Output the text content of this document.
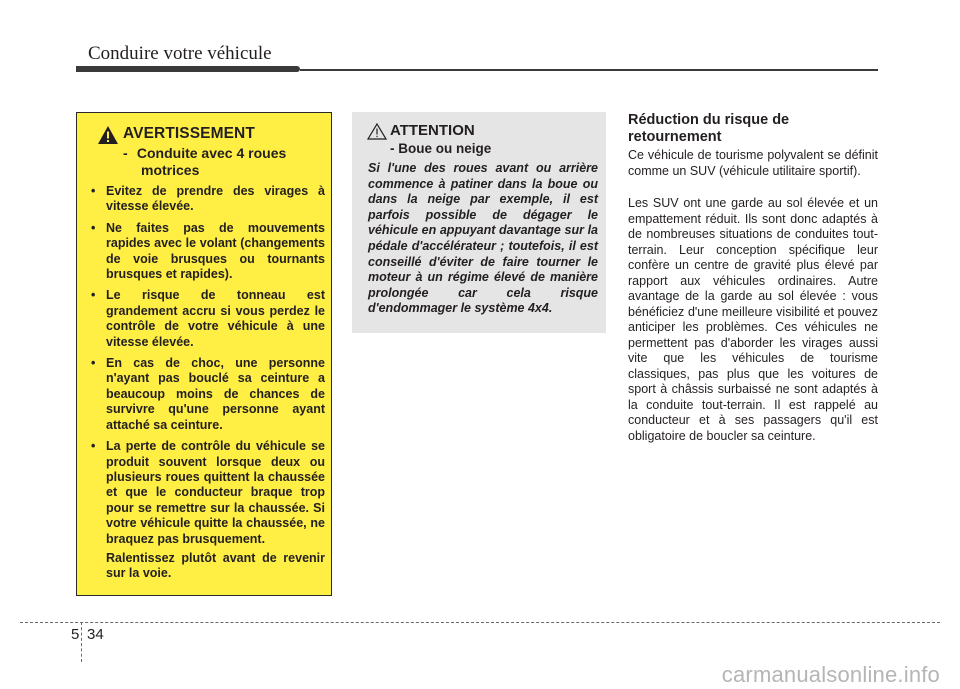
Conduire votre véhicule
AVERTISSEMENT
- Conduite avec 4 roues
motrices
• Evitez de prendre des virages à vitesse élevée.
• Ne faites pas de mouvements rapides avec le volant (changements de voie brusques ou tournants brusques et rapides).
• Le risque de tonneau est grandement accru si vous perdez le contrôle de votre véhicule à une vitesse élevée.
• En cas de choc, une personne n'ayant pas bouclé sa ceinture a beaucoup moins de chances de survivre qu'une personne ayant attaché sa ceinture.
• La perte de contrôle du véhicule se produit souvent lorsque deux ou plusieurs roues quittent la chaussée et que le conducteur braque trop pour se remettre sur la chaussée. Si votre véhicule quitte la chaussée, ne braquez pas brusquement.
Ralentissez plutôt avant de revenir sur la voie.
ATTENTION
- Boue ou neige
Si l'une des roues avant ou arrière commence à patiner dans la boue ou dans la neige par exemple, il est parfois possible de dégager le véhicule en appuyant davantage sur la pédale d'accélérateur ; toutefois, il est conseillé d'éviter de faire tourner le moteur à un régime élevé de manière prolongée car cela risque d'endommager le système 4x4.
Réduction du risque de retournement

Ce véhicule de tourisme polyvalent se définit comme un SUV (véhicule utilitaire sportif).

Les SUV ont une garde au sol élevée et un empattement réduit. Ils sont donc adaptés à de nombreuses situations de conduites tout-terrain. Leur conception spécifique leur confère un centre de gravité plus élevé par rapport aux véhicules ordinaires. Autre avantage de la garde au sol élevée : vous bénéficiez d'une meilleure visibilité et pouvez anticiper les problèmes. Ces véhicules ne permettent pas d'aborder les virages aussi vite que les véhicules de tourisme classiques, pas plus que les voitures de sport à châssis surbaissé ne sont adaptés à la conduite tout-terrain. Il est rappelé au conducteur et à ses passagers qu'il est obligatoire de boucler sa ceinture.

5 34
carmanualsonline.info
